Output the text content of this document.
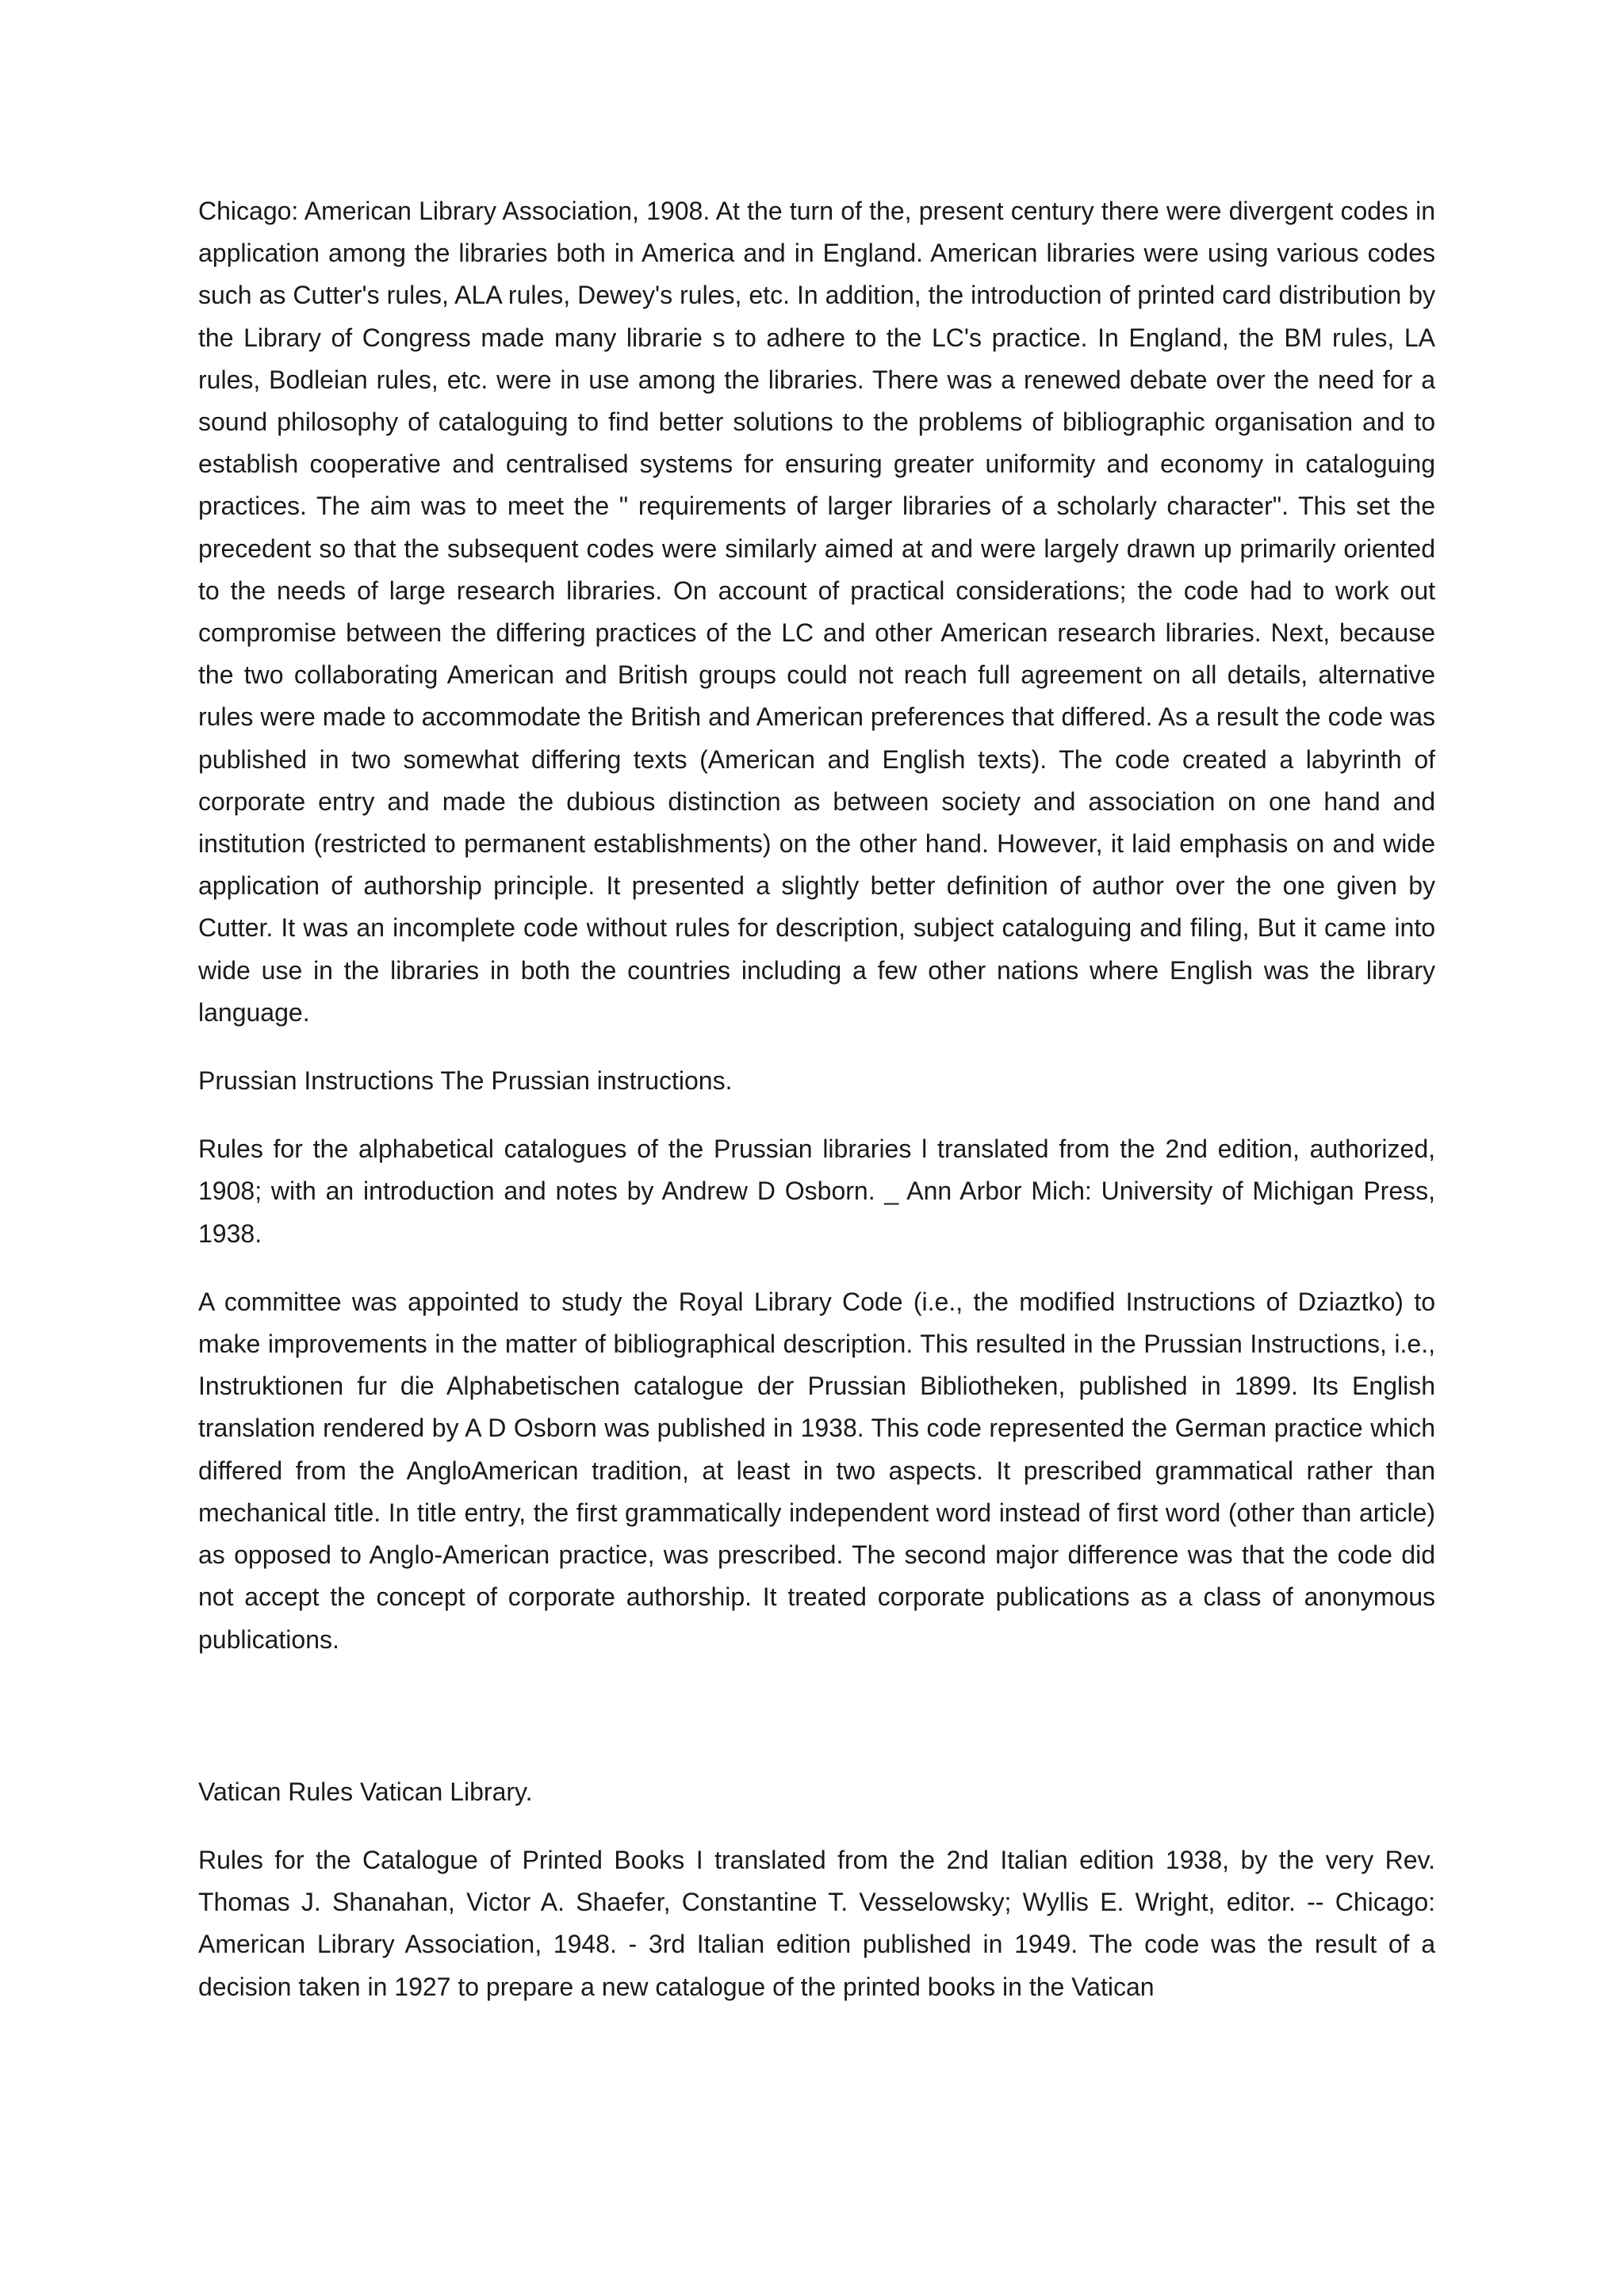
Chicago: American Library Association, 1908. At the turn of the, present century there were divergent codes in application among the libraries both in America and in England. American libraries were using various codes such as Cutter's rules, ALA rules, Dewey's rules, etc. In addition, the introduction of printed card distribution by the Library of Congress made many librarie s to adhere to the LC's practice. In England, the BM rules, LA rules, Bodleian rules, etc. were in use among the libraries. There was a renewed debate over the need for a sound philosophy of cataloguing to find better solutions to the problems of bibliographic organisation and to establish cooperative and centralised systems for ensuring greater uniformity and economy in cataloguing practices. The aim was to meet the " requirements of larger libraries of a scholarly character". This set the precedent so that the subsequent codes were similarly aimed at and were largely drawn up primarily oriented to the needs of large research libraries. On account of practical considerations; the code had to work out compromise between the differing practices of the LC and other American research libraries. Next, because the two collaborating American and British groups could not reach full agreement on all details, alternative rules were made to accommodate the British and American preferences that differed. As a result the code was published in two somewhat differing texts (American and English texts). The code created a labyrinth of corporate entry and made the dubious distinction as between society and association on one hand and institution (restricted to permanent establishments) on the other hand. However, it laid emphasis on and wide application of authorship principle. It presented a slightly better definition of author over the one given by Cutter. It was an incomplete code without rules for description, subject cataloguing and filing, But it came into wide use in the libraries in both the countries including a few other nations where English was the library language.

Prussian Instructions The Prussian instructions.

Rules for the alphabetical catalogues of the Prussian libraries l translated from the 2nd edition, authorized, 1908; with an introduction and notes by Andrew D Osborn. _ Ann Arbor Mich: University of Michigan Press, 1938.

A committee was appointed to study the Royal Library Code (i.e., the modified Instructions of Dziaztko) to make improvements in the matter of bibliographical description. This resulted in the Prussian Instructions, i.e., Instruktionen fur die Alphabetischen catalogue der Prussian Bibliotheken, published in 1899. Its English translation rendered by A D Osborn was published in 1938. This code represented the German practice which differed from the AngloAmerican tradition, at least in two aspects. It prescribed grammatical rather than mechanical title. In title entry, the first grammatically independent word instead of first word (other than article) as opposed to Anglo-American practice, was prescribed. The second major difference was that the code did not accept the concept of corporate authorship. It treated corporate publications as a class of anonymous publications.

Vatican Rules Vatican Library.

Rules for the Catalogue of Printed Books I translated from the 2nd Italian edition 1938, by the very Rev. Thomas J. Shanahan, Victor A. Shaefer, Constantine T. Vesselowsky; Wyllis E. Wright, editor. -- Chicago: American Library Association, 1948. - 3rd Italian edition published in 1949. The code was the result of a decision taken in 1927 to prepare a new catalogue of the printed books in the Vatican
